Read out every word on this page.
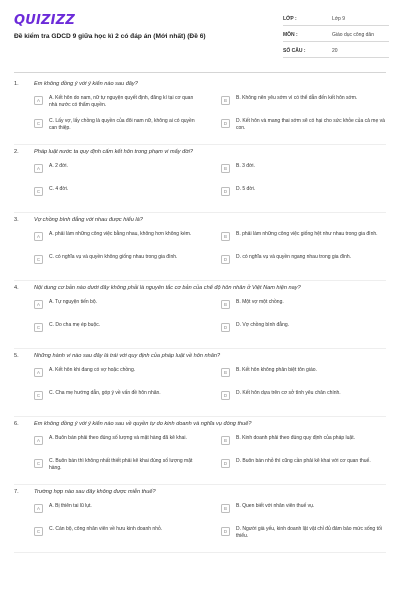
QUIZIZZ
Đề kiểm tra GDCD 9 giữa học kì 2 có đáp án (Mới nhất) (Đề 6)
LỚP :	Lớp 9
MÔN :	Giáo dục công dân
SỐ CÂU :	20
1.	Em không đồng ý với ý kiến nào sau đây?
A	A. Kết hôn do nam, nữ tự nguyện quyết định, đăng kí tại cơ quan nhà nước có thẩm quyền.
B	B. Không nên yêu sớm vì có thể dẫn đến kết hôn sớm.
C	C. Lấy vợ, lấy chồng là quyền của đôi nam nữ, không ai có quyền can thiệp.
D	D. Kết hôn và mang thai sớm sẽ có hại cho sức khỏe của cả mẹ và con.
2.	Pháp luật nước ta quy định cấm kết hôn trong phạm vi mấy đời?
A	A. 2 đời.	B	B. 3 đời.
C	C. 4 đời.	D	D. 5 đời.
3.	Vợ chồng bình đẳng với nhau được hiểu là?
A	A. phải làm những công việc bằng nhau, không hơn không kém.	B	B. phải làm những công việc giống hệt như nhau trong gia đình.
C	C. có nghĩa vụ và quyền không giống nhau trong gia đình.	D	D. có nghĩa vụ và quyền ngang nhau trong gia đình.
4.	Nội dung cơ bản nào dưới đây không phải là nguyên tắc cơ bản của chế độ hôn nhân ở Việt Nam hiện nay?
A	A. Tự nguyện tiến bộ.	B	B. Một vợ một chồng.
C	C. Do cha mẹ ép buộc.	D	D. Vợ chồng bình đẳng.
5.	Những hành vi nào sau đây là trái với quy định của pháp luật về hôn nhân?
A	A. Kết hôn khi đang có vợ hoặc chồng.	B	B. Kết hôn không phân biệt tôn giáo.
C	C. Cha mẹ hướng dẫn, góp ý về vấn đề hôn nhân.	D	D. Kết hôn dựa trên cơ sở tình yêu chân chính.
6.	Em không đồng ý với ý kiến nào sau về quyền tự do kinh doanh và nghĩa vụ đóng thuế?
A	A. Buôn bán phải theo đúng số lượng và mặt hàng đã kê khai.	B	B. Kinh doanh phải theo đúng quy định của pháp luật.
C	C. Buôn bán thì không nhất thiết phải kê khai đúng số lượng mặt hàng.
D	D. Buôn bán nhỏ thì cũng cần phải kê khai với cơ quan thuế.
7.	Trường hợp nào sau đây không được miễn thuế?
A	A. Bị thiên tai lũ lụt.	B	B. Quen biết với nhân viên thuế vụ.
C	C. Cán bộ, công nhân viên về hưu kinh doanh nhỏ.	D	D. Người già yếu, kinh doanh lặt vặt chỉ đủ đảm bảo mức sống tối thiểu.
